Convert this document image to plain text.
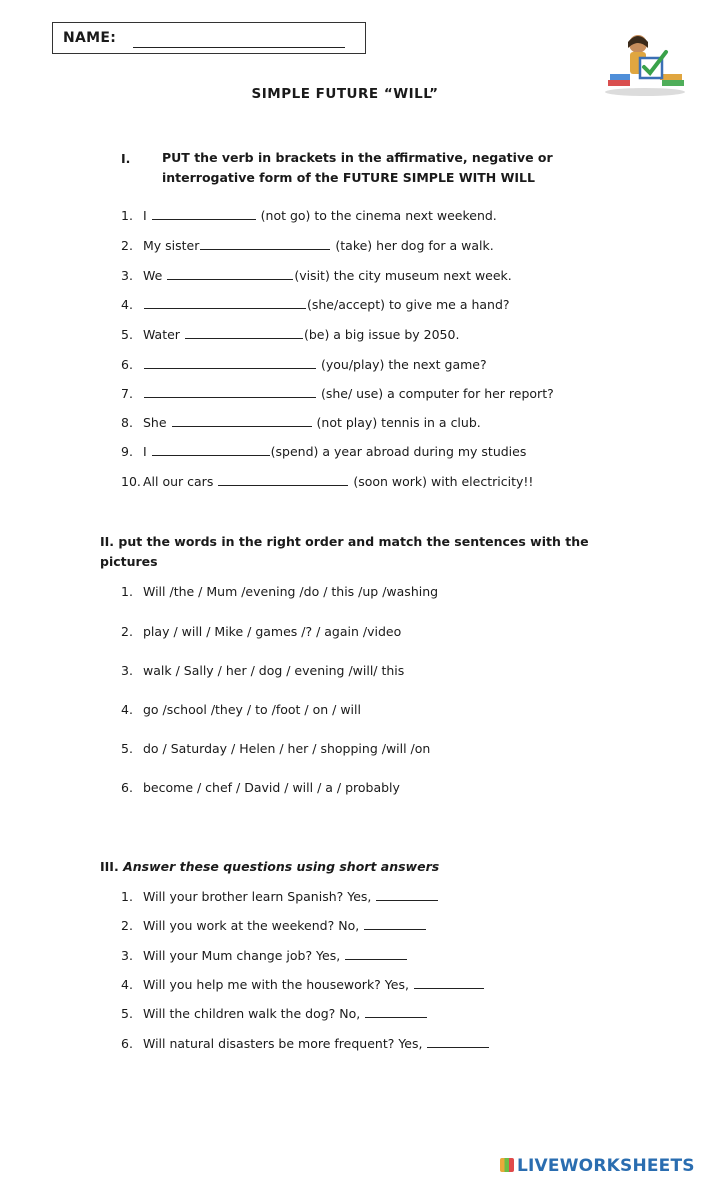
NAME:
SIMPLE FUTURE “WILL”
I.	PUT the verb in brackets in the affirmative, negative or
interrogative form of the FUTURE SIMPLE WITH WILL
1. I	(not go) to the cinema next weekend.
2. My sister	(take) her dog for a walk.
3. We	(visit) the city museum next week.
4.	(she/accept) to give me a hand?
5. Water	(be) a big issue by 2050.
6.	(you/play) the next game?
7.	(she/ use) a computer for her report?
8. She	(not play) tennis in a club.
9. I	(spend) a year abroad during my studies
10. All our cars	(soon work) with electricity!!
II. put the words in the right order and match the sentences with the
pictures
1. Will /the / Mum /evening /do / this /up /washing
2. play / will / Mike / games /? / again /video
3. walk / Sally / her / dog / evening /will/ this
4. go /school /they / to /foot / on / will
5. do / Saturday / Helen / her / shopping /will /on
6. become / chef / David / will / a / probably
III. Answer these questions using short answers
1. Will your brother learn Spanish? Yes,
2. Will you work at the weekend? No,
3. Will your Mum change job? Yes,
4. Will you help me with the housework? Yes,
5. Will the children walk the dog? No,
6. Will natural disasters be more frequent? Yes,
LIVEWORKSHEETS
